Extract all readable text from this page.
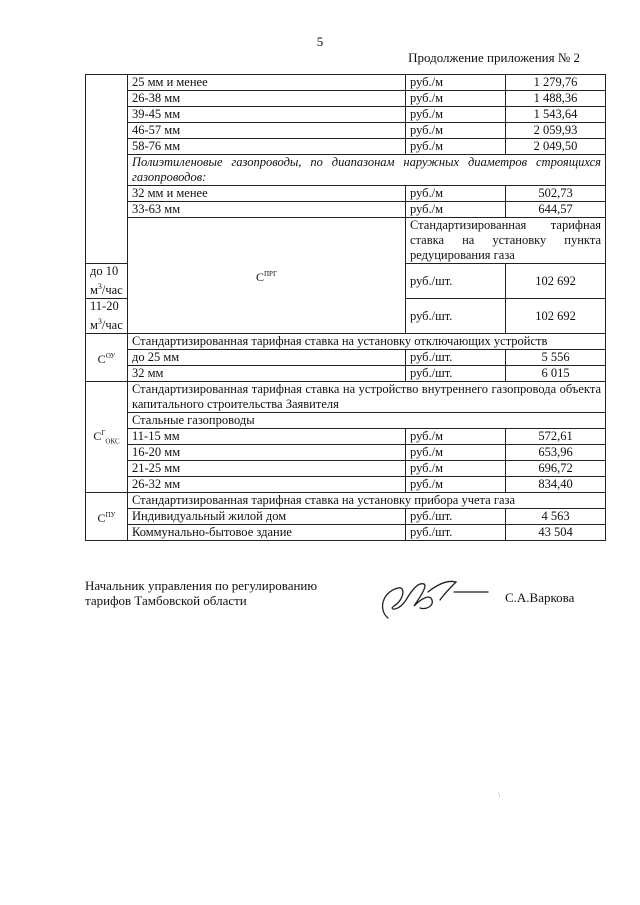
5
Продолжение приложения № 2
	25 мм и менее	руб./м	1 279,76
	26-38 мм	руб./м	1 488,36
	39-45 мм	руб./м	1 543,64
	46-57 мм	руб./м	2 059,93
	58-76 мм	руб./м	2 049,50
	Полиэтиленовые газопроводы, по диапазонам наружных диаметров строящихся газопроводов:		
	32 мм и менее	руб./м	502,73
	33-63 мм	руб./м	644,57
	$С^{ПРГ}$	Стандартизированная тарифная ставка на установку пункта редуцирования газа	
до 10 $м^3$/час		руб./шт.	102 692
11-20 $м^3$/час		руб./шт.	102 692
$С^{ОУ}$	Стандартизированная тарифная ставка на установку отключающих устройств		
	до 25 мм	руб./шт.	5 556
	32 мм	руб./шт.	6 015
$С^Г_{ОКС}$	Стандартизированная тарифная ставка на устройство внутреннего газопровода объекта капитального строительства Заявителя		
	Стальные газопроводы		
	11-15 мм	руб./м	572,61
	16-20 мм	руб./м	653,96
	21-25 мм	руб./м	696,72
	26-32 мм	руб./м	834,40
$С^{ПУ}$	Стандартизированная тарифная ставка на установку прибора учета газа		
	Индивидуальный жилой дом	руб./шт.	4 563
	Коммунально-бытовое здание	руб./шт.	43 504
Начальник управления по регулированию
тарифов Тамбовской области	С.А.Варкова
\
